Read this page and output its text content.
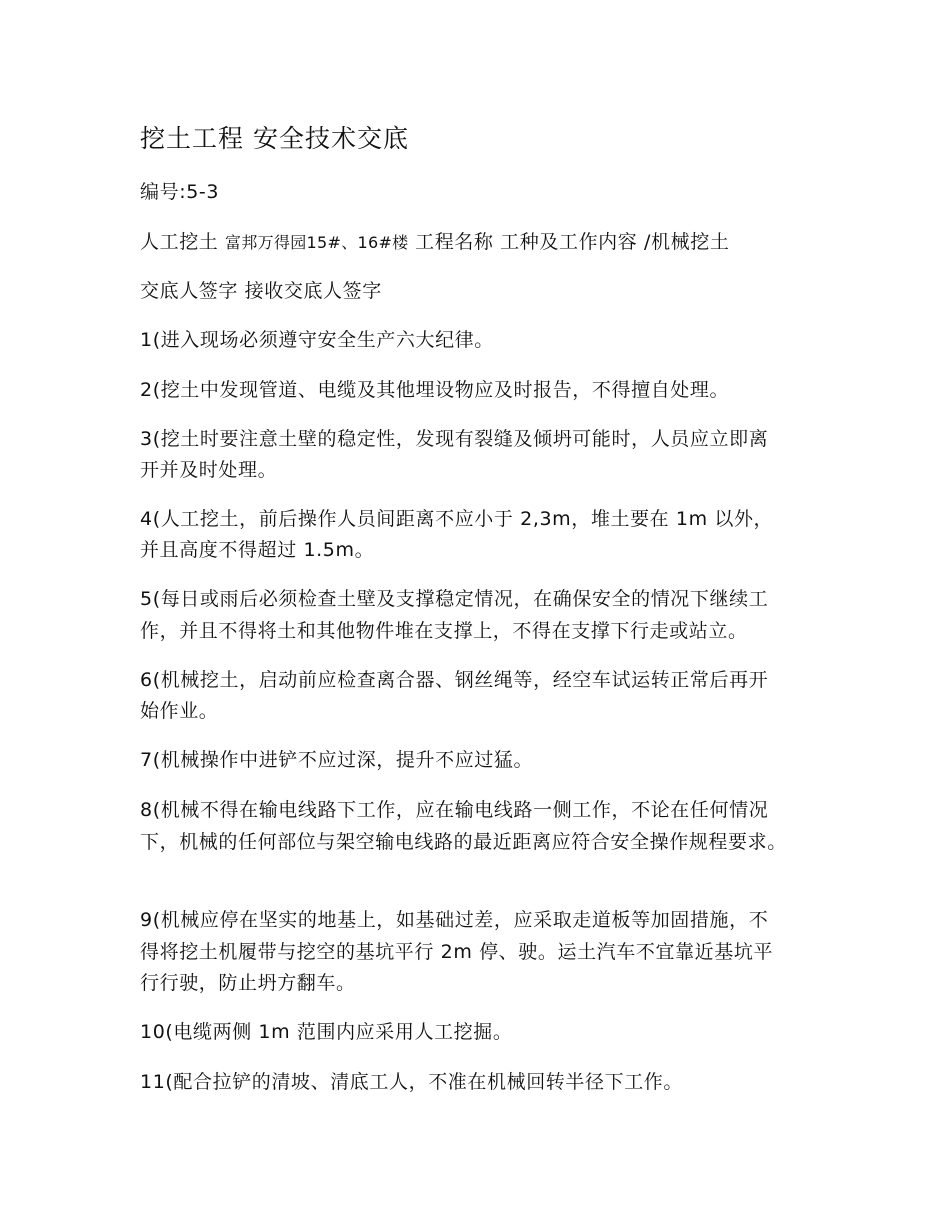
挖土工程 安全技术交底
编号:5-3
人工挖土 富邦万得园15#、16#楼 工程名称 工种及工作内容 /机械挖土
交底人签字 接收交底人签字
1(进入现场必须遵守安全生产六大纪律。
2(挖土中发现管道、电缆及其他埋设物应及时报告，不得擅自处理。
3(挖土时要注意土壁的稳定性，发现有裂缝及倾坍可能时，人员应立即离
开并及时处理。
4(人工挖土，前后操作人员间距离不应小于 2,3m，堆土要在 1m 以外，
并且高度不得超过 1.5m。
5(每日或雨后必须检查土壁及支撑稳定情况，在确保安全的情况下继续工
作，并且不得将土和其他物件堆在支撑上，不得在支撑下行走或站立。
6(机械挖土，启动前应检查离合器、钢丝绳等，经空车试运转正常后再开
始作业。
7(机械操作中进铲不应过深，提升不应过猛。
8(机械不得在输电线路下工作，应在输电线路一侧工作，不论在任何情况
下，机械的任何部位与架空输电线路的最近距离应符合安全操作规程要求。
9(机械应停在坚实的地基上，如基础过差，应采取走道板等加固措施，不
得将挖土机履带与挖空的基坑平行 2m 停、驶。运土汽车不宜靠近基坑平
行行驶，防止坍方翻车。
10(电缆两侧 1m 范围内应采用人工挖掘。
11(配合拉铲的清坡、清底工人，不准在机械回转半径下工作。
